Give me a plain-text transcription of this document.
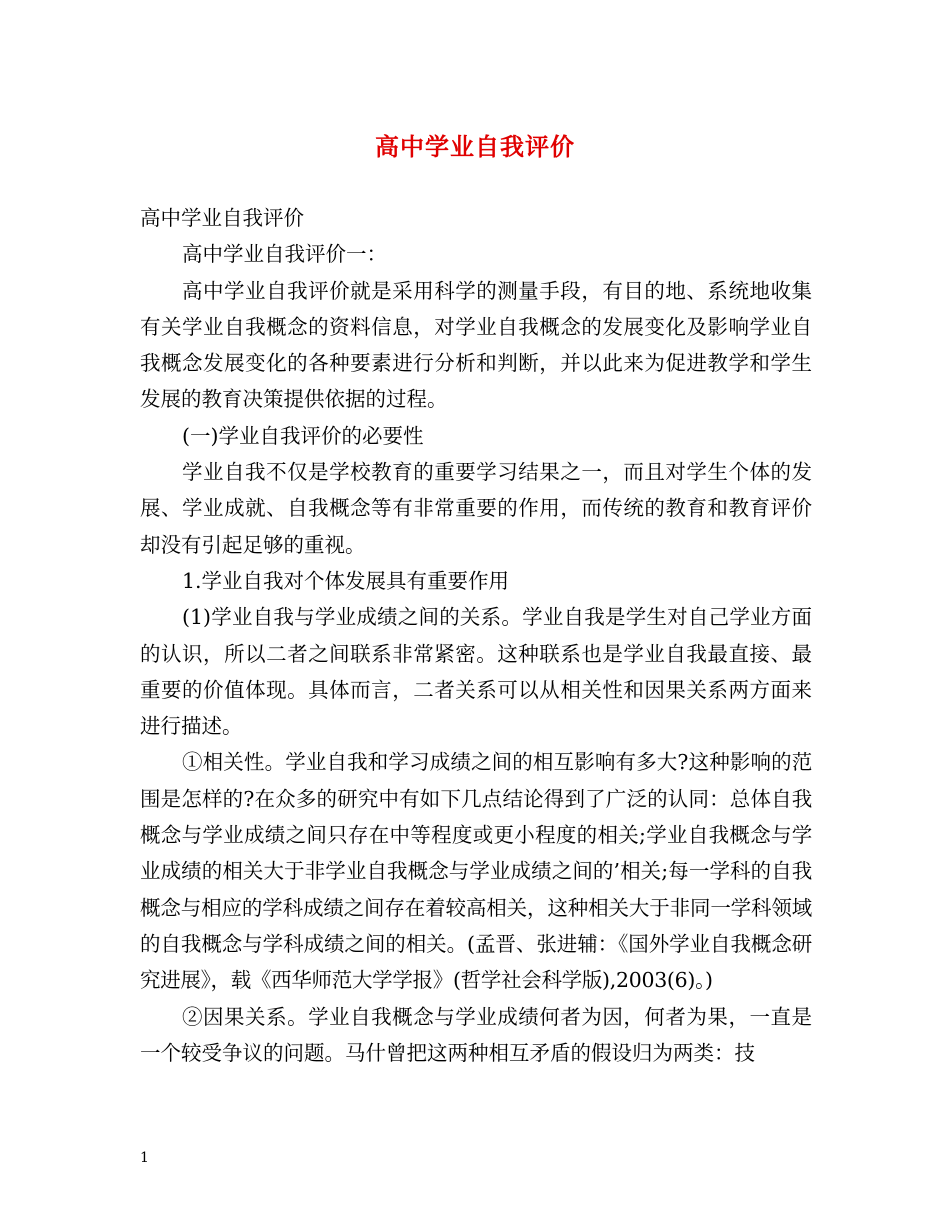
高中学业自我评价

高中学业自我评价

高中学业自我评价一：

高中学业自我评价就是采用科学的测量手段，有目的地、系统地收集有关学业自我概念的资料信息，对学业自我概念的发展变化及影响学业自我概念发展变化的各种要素进行分析和判断，并以此来为促进教学和学生发展的教育决策提供依据的过程。

(一)学业自我评价的必要性

学业自我不仅是学校教育的重要学习结果之一，而且对学生个体的发展、学业成就、自我概念等有非常重要的作用，而传统的教育和教育评价却没有引起足够的重视。

1.学业自我对个体发展具有重要作用

(1)学业自我与学业成绩之间的关系。学业自我是学生对自己学业方面的认识，所以二者之间联系非常紧密。这种联系也是学业自我最直接、最重要的价值体现。具体而言，二者关系可以从相关性和因果关系两方面来进行描述。

①相关性。学业自我和学习成绩之间的相互影响有多大?这种影响的范围是怎样的?在众多的研究中有如下几点结论得到了广泛的认同：总体自我概念与学业成绩之间只存在中等程度或更小程度的相关;学业自我概念与学业成绩的相关大于非学业自我概念与学业成绩之间的’相关;每一学科的自我概念与相应的学科成绩之间存在着较高相关，这种相关大于非同一学科领域的自我概念与学科成绩之间的相关。(孟晋、张进辅：《国外学业自我概念研究进展》，载《西华师范大学学报》(哲学社会科学版),2003(6)。)

②因果关系。学业自我概念与学业成绩何者为因，何者为果，一直是一个较受争议的问题。马什曾把这两种相互矛盾的假设归为两类：技

1
